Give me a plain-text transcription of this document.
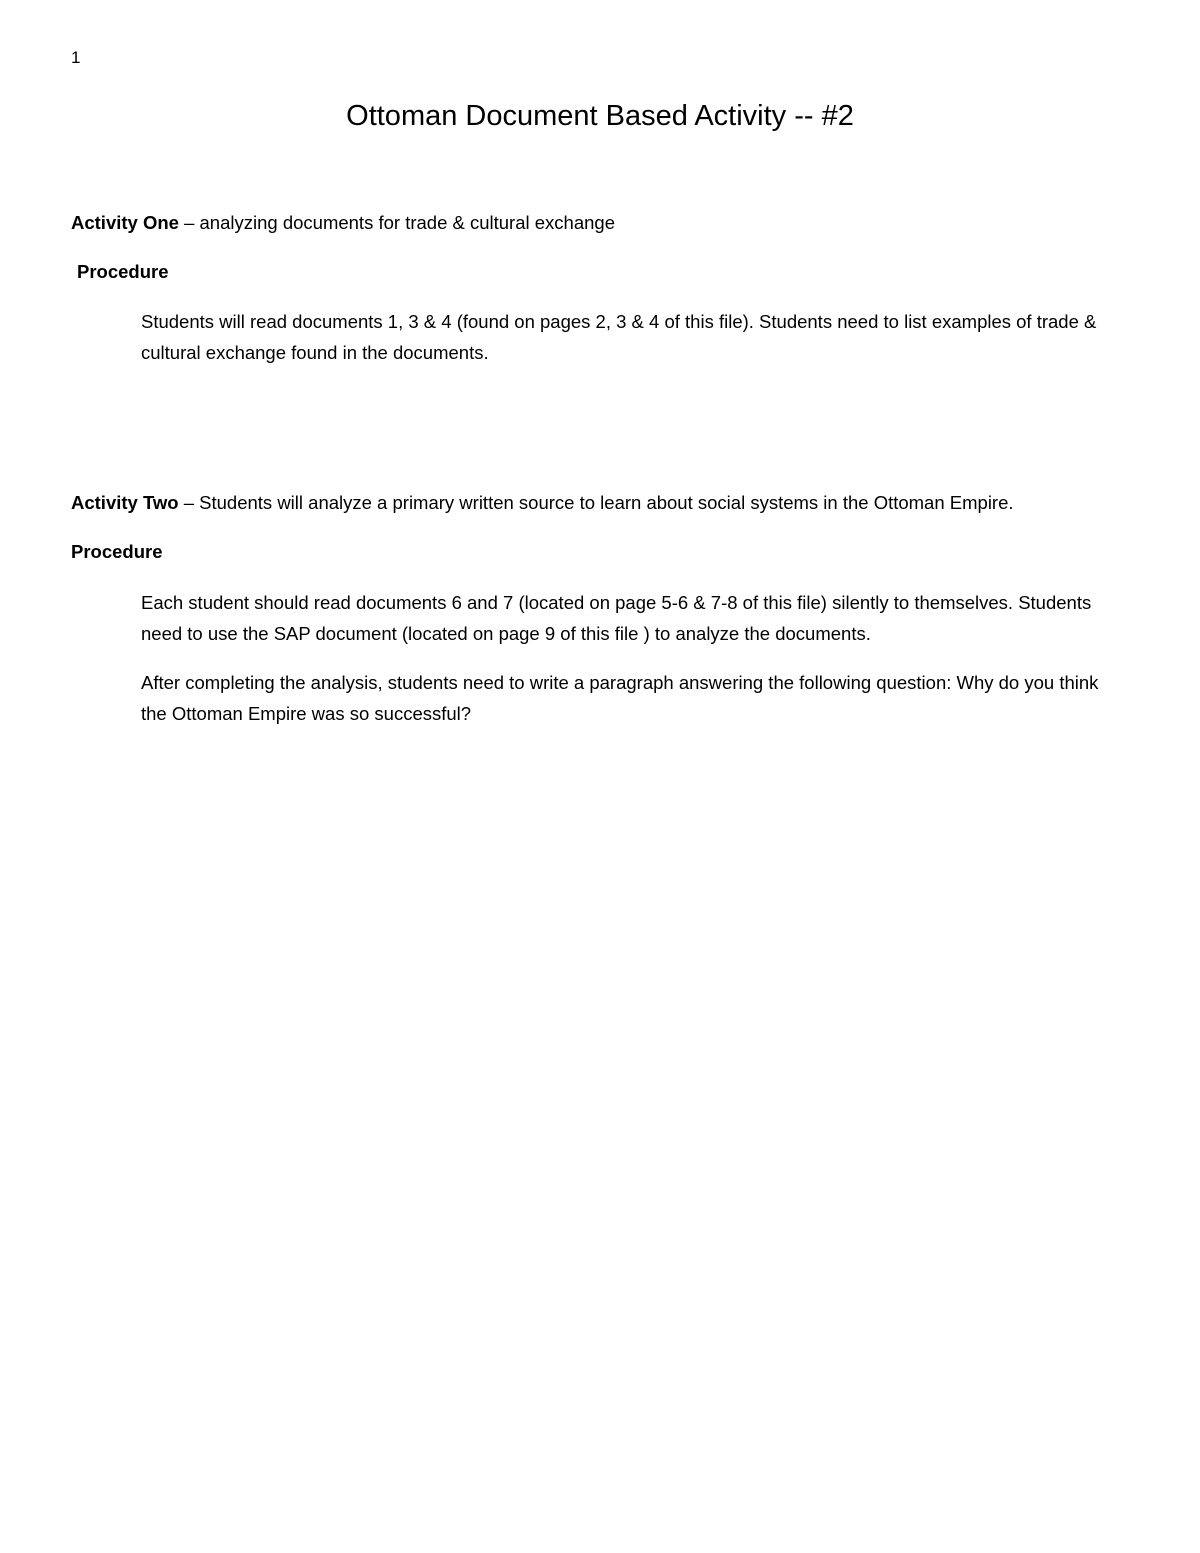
1
Ottoman Document Based Activity -- #2
Activity One – analyzing documents for trade & cultural exchange
Procedure

Students will read documents 1, 3 & 4 (found on pages 2, 3 & 4 of this file). Students need to list examples of trade & cultural exchange found in the documents.

Activity Two – Students will analyze a primary written source to learn about social systems in the Ottoman Empire.
Procedure

Each student should read documents 6 and 7 (located on page 5-6 & 7-8 of this file) silently to themselves. Students need to use the SAP document (located on page 9 of this file ) to analyze the documents.

After completing the analysis, students need to write a paragraph answering the following question: Why do you think the Ottoman Empire was so successful?
